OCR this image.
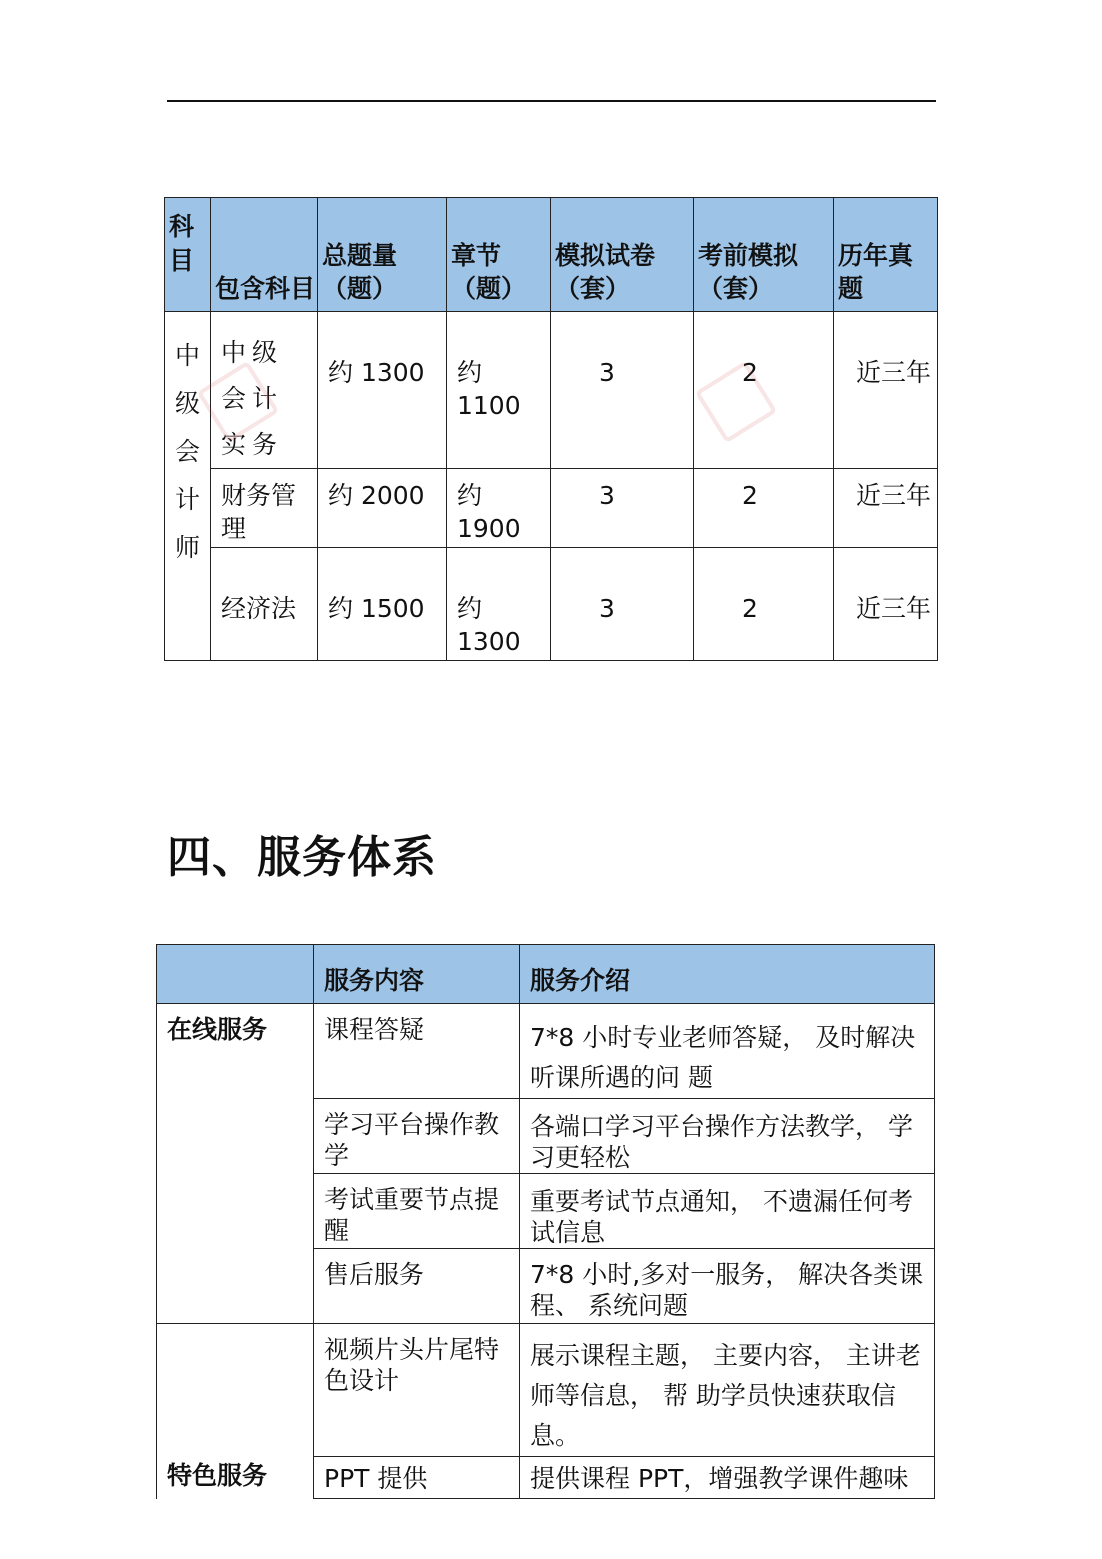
科目	包含科目	总题量（题）	章节 （题）	模拟试卷（套）	考前模拟（套）	历年真题
中级会计师	中级会计实务	约 1300	约 1100	3	2	近三年
	财务管理	约 2000	约 1900	3	2	近三年
	经济法	约 1500	约 1300	3	2	近三年
四、服务体系
	服务内容	服务介绍
在线服务	课程答疑	7*8 小时专业老师答疑， 及时解决听课所遇的问 题
	学习平台操作教学	各端口学习平台操作方法教学， 学习更轻松
	考试重要节点提醒	重要考试节点通知， 不遗漏任何考试信息
	售后服务	7*8 小时,多对一服务， 解决各类课程、 系统问题
特色服务	视频片头片尾特色设计	展示课程主题， 主要内容， 主讲老师等信息， 帮 助学员快速获取信息。
	PPT 提供	提供课程 PPT，增强教学课件趣味
